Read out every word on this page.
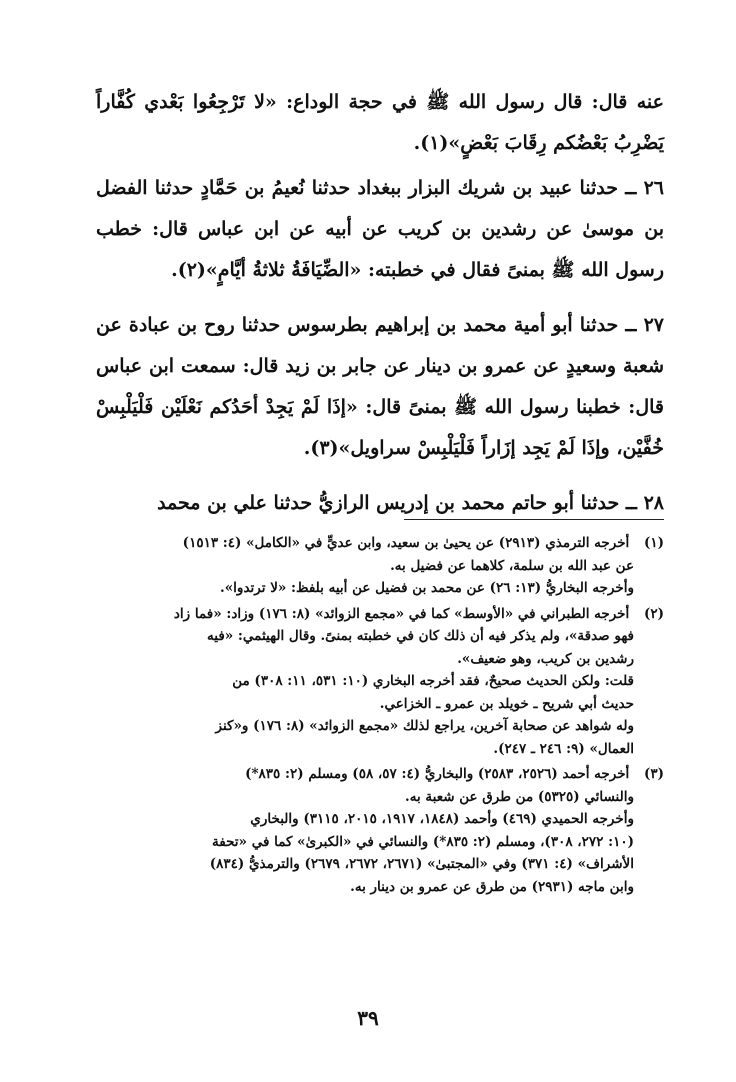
عنه قال: قال رسول الله ﷺ في حجة الوداع: «لا تَرْجِعُوا بَعْدي كُفَّاراً يَضْرِبُ بَعْضُكم رِقَابَ بَعْضٍ»(١).

٢٦ ــ حدثنا عبيد بن شريك البزار ببغداد حدثنا نُعيمُ بن حَمَّادٍ حدثنا الفضل بن موسىٰ عن رشدين بن كريب عن أبيه عن ابن عباس قال: خطب رسول الله ﷺ بمنىً فقال في خطبته: «الضِّيَافَةُ ثلاثةُ أيَّامٍ»(٢).

٢٧ ــ حدثنا أبو أمية محمد بن إبراهيم بطرسوس حدثنا روح بن عبادة عن شعبة وسعيدٍ عن عمرو بن دينار عن جابر بن زيد قال: سمعت ابن عباس قال: خطبنا رسول الله ﷺ بمنىً قال: «إذَا لَمْ يَجِدْ أحَدُكم نَعْلَيْن فَلْيَلْبِسْ خُفَّيْن، وإذَا لَمْ يَجِد إزَاراً فَلْيَلْبِسْ سراويل»(٣).

٢٨ ــ حدثنا أبو حاتم محمد بن إدريس الرازيُّ حدثنا علي بن محمد

(١) أخرجه الترمذي (٢٩١٣) عن يحيىٰ بن سعيد، وابن عديٍّ في «الكامل» (٤: ١٥١٣)

عن عبد الله بن سلمة، كلاهما عن فضيل به.

وأخرجه البخاريُّ (١٣: ٢٦) عن محمد بن فضيل عن أبيه بلفظ: «لا ترتدوا».

(٢) أخرجه الطبراني في «الأوسط» كما في «مجمع الزوائد» (٨: ١٧٦) وزاد: «فما زاد

فهو صدقة»، ولم يذكر فيه أن ذلك كان في خطبته بمنىً. وقال الهيثمي: «فيه

رشدين بن كريب، وهو ضعيف».

قلت: ولكن الحديث صحيحٌ، فقد أخرجه البخاري (١٠: ٥٣١، ١١: ٣٠٨) من

حديث أبي شريح ـ خويلد بن عمرو ـ الخزاعي.

وله شواهد عن صحابة آخرين، يراجع لذلك «مجمع الزوائد» (٨: ١٧٦) و«كنز

العمال» (٩: ٢٤٦ ـ ٢٤٧).

(٣) أخرجه أحمد (٢٥٢٦، ٢٥٨٣) والبخاريُّ (٤: ٥٧، ٥٨) ومسلم (٢: ٨٣٥*)

والنسائي (٥٣٢٥) من طرق عن شعبة به.

وأخرجه الحميدي (٤٦٩) وأحمد (١٨٤٨، ١٩١٧، ٢٠١٥، ٣١١٥) والبخاري

(١٠: ٢٧٢، ٣٠٨)، ومسلم (٢: ٨٣٥*) والنسائي في «الكبرىٰ» كما في «تحفة

الأشراف» (٤: ٣٧١) وفي «المجتبىٰ» (٢٦٧١، ٢٦٧٢، ٢٦٧٩) والترمذيُّ (٨٣٤)

وابن ماجه (٢٩٣١) من طرق عن عمرو بن دينار به.

٣٩
